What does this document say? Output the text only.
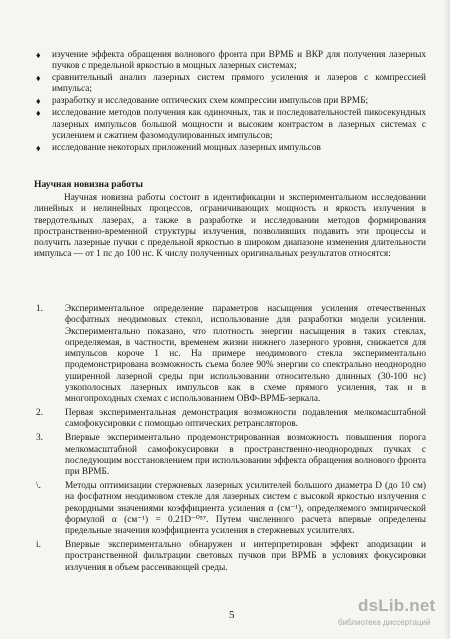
♦ изучение эффекта обращения волнового фронта при ВРМБ и ВКР для получения лазерных пучков с предельной яркостью в мощных лазерных системах;
♦ сравнительный анализ лазерных систем прямого усиления и лазеров с компрессией импульса;
♦ разработку и исследование оптических схем компрессии импульсов при ВРМБ;
♦ исследование методов получения как одиночных, так и последовательностей пикосекундных лазерных импульсов большой мощности и высоким контрастом в лазерных системах с усилением и сжатием фазомодулированных импульсов;
♦ исследование некоторых приложений мощных лазерных импульсов
Научная новизна работы
Научная новизна работы состоит в идентификации и экспериментальном исследовании линейных и нелинейных процессов, ограничивающих мощность и яркость излучения в твердотельных лазерах, а также в разработке и исследовании методов формирования пространственно-временной структуры излучения, позволивших подавить эти процессы и получить лазерные пучки с предельной яркостью в широком диапазоне изменения длительности импульса — от 1 пс до 100 нс. К числу полученных оригинальных результатов относятся:
1. Экспериментальное определение параметров насыщения усиления отечественных фосфатных неодимовых стекол, использование для разработки модели усиления. Экспериментально показано, что плотность энергии насыщения в таких стеклах, определяемая, в частности, временем жизни нижнего лазерного уровня, снижается для импульсов короче 1 нс. На примере неодимового стекла экспериментально продемонстрирована возможность съема более 90% энергии со спектрально неоднородно уширенной лазерной среды при использовании относительно длинных (30-100 нс) узкополосных лазерных импульсов как в схеме прямого усиления, так и в многопроходных схемах с использованием ОВФ-ВРМБ-зеркала.
2. Первая экспериментальная демонстрация возможности подавления мелкомасштабной самофокусировки с помощью оптических ретрансляторов.
3. Впервые экспериментально продемонстрированная возможность повышения порога мелкомасштабной самофокусировки в пространственно-неоднородных пучках с последующим восстановлением при использовании эффекта обращения волнового фронта при ВРМБ.
\.	Методы оптимизации стержневых лазерных усилителей большого диаметра D (до 10 см) на фосфатном неодимовом стекле для лазерных систем с высокой яркостью излучения с рекордными значениями коэффициента усиления α (см⁻¹), определяемого эмпирической формулой α (см⁻¹) = 0.21D⁻⁰⁵⁷. Путем численного расчета впервые определены предельные значения коэффициента усиления в стержневых усилителях.
i.	Впервые экспериментально обнаружен и интерпретирован эффект аподизации и пространственной фильтрации световых пучков при ВРМБ в условиях фокусировки излучения в объем рассеивающей среды.
5	dsLib.net
библиотека диссертаций
